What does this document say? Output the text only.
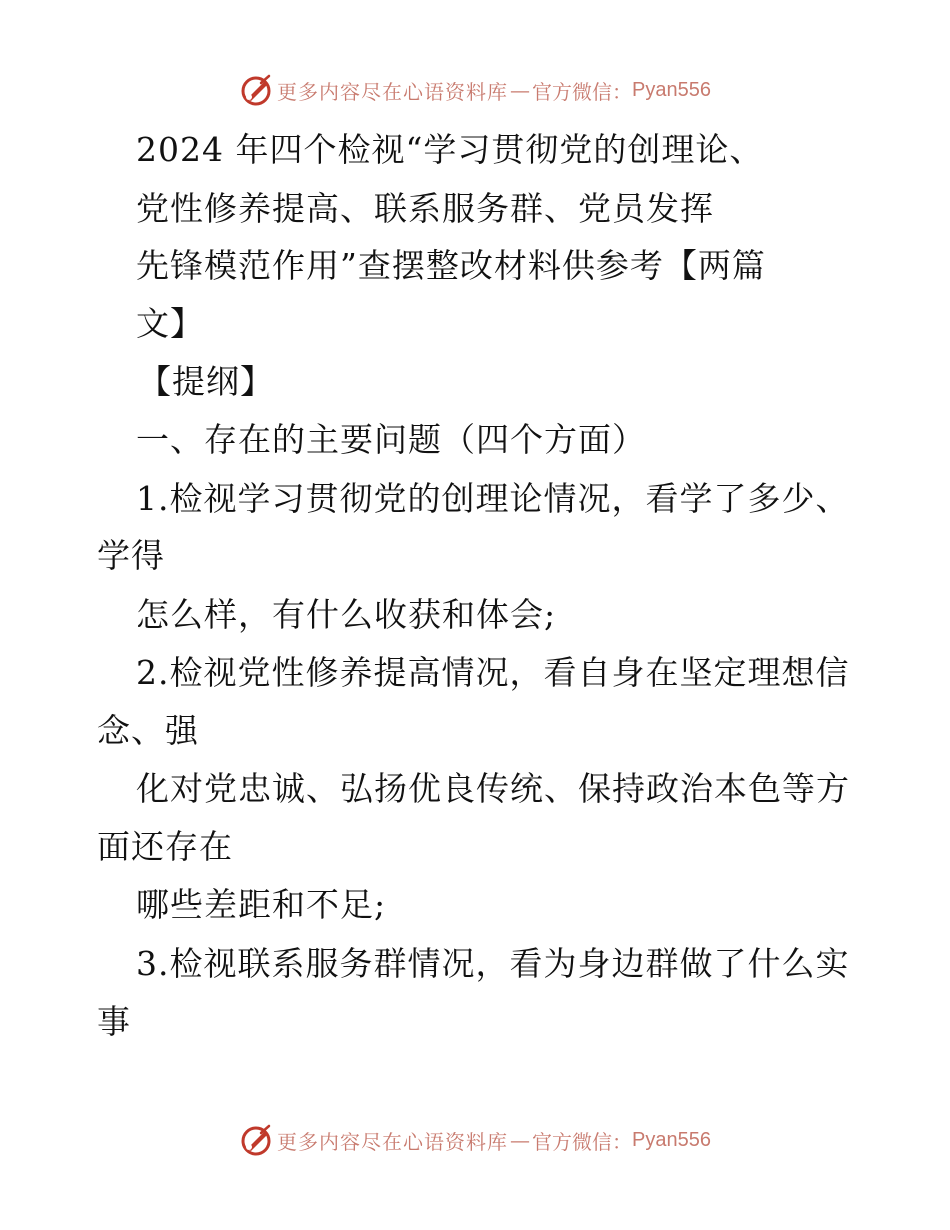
更多内容尽在心语资料库 — 官方微信： Pyan556
2024 年四个检视“学习贯彻党的创理论、
党性修养提高、联系服务群、党员发挥
先锋模范作用”查摆整改材料供参考【两篇
文】
【提纲】
一、存在的主要问题（四个方面）
1.检视学习贯彻党的创理论情况，看学了多少、
学得
怎么样，有什么收获和体会;
2.检视党性修养提高情况，看自身在坚定理想信
念、强
化对党忠诚、弘扬优良传统、保持政治本色等方
面还存在
哪些差距和不足;
3.检视联系服务群情况，看为身边群做了什么实
事
更多内容尽在心语资料库 — 官方微信： Pyan556
